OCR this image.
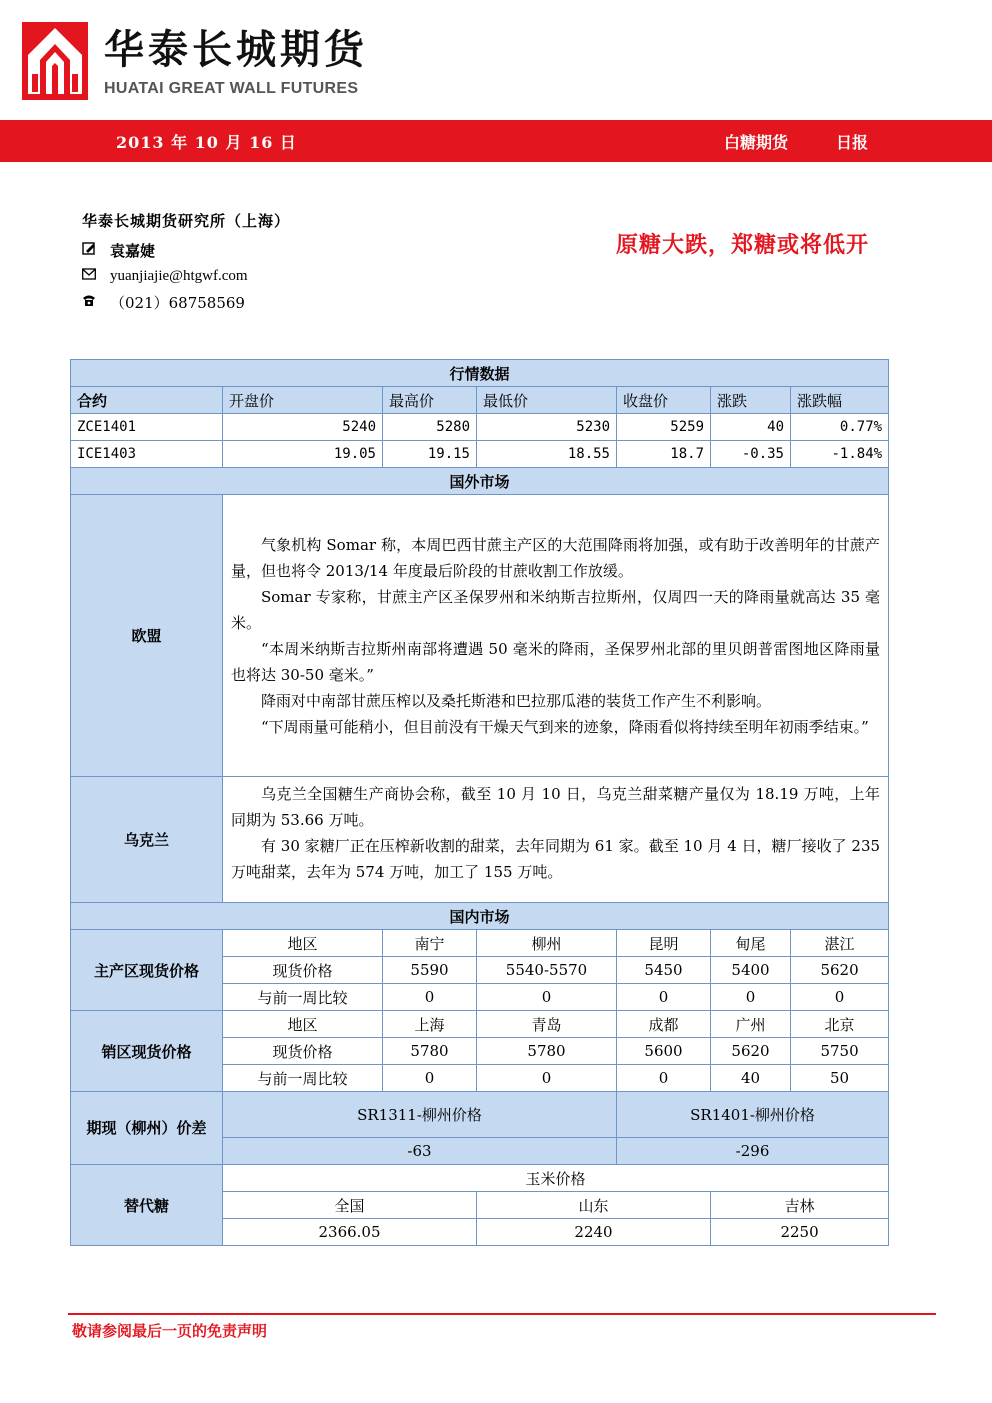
华泰长城期货
HUATAI GREAT WALL FUTURES
2013 年 10 月 16 日	白糖期货	日报
华泰长城期货研究所（上海）
袁嘉婕
yuanjiajie@htgwf.com
（021）68758569
原糖大跌，郑糖或将低开
行情数据						
合约	开盘价	最高价	最低价	收盘价	涨跌	涨跌幅
ZCE1401	5240	5280	5230	5259	40	0.77%
ICE1403	19.05	19.15	18.55	18.7	-0.35	-1.84%
国外市场						
欧盟	气象机构 Somar 称，本周巴西甘蔗主产区的大范围降雨将加强，或有助于改善明年的甘蔗产量，但也将令 2013/14 年度最后阶段的甘蔗收割工作放缓。

Somar 专家称，甘蔗主产区圣保罗州和米纳斯吉拉斯州，仅周四一天的降雨量就高达 35 毫米。

“本周米纳斯吉拉斯州南部将遭遇 50 毫米的降雨，圣保罗州北部的里贝朗普雷图地区降雨量也将达 30-50 毫米。”

降雨对中南部甘蔗压榨以及桑托斯港和巴拉那瓜港的装货工作产生不利影响。

“下周雨量可能稍小，但目前没有干燥天气到来的迹象，降雨看似将持续至明年初雨季结束。”					

乌克兰	乌克兰全国糖生产商协会称，截至 10 月 10 日，乌克兰甜菜糖产量仅为 18.19 万吨，上年同期为 53.66 万吨。

有 30 家糖厂正在压榨新收割的甜菜，去年同期为 61 家。截至 10 月 4 日，糖厂接收了 235 万吨甜菜，去年为 574 万吨，加工了 155 万吨。					

国内市场						
主产区现货价格	地区	南宁	柳州	昆明	甸尾	湛江
	现货价格	5590	5540-5570	5450	5400	5620
	与前一周比较	0	0	0	0	0
销区现货价格	地区	上海	青岛	成都	广州	北京
	现货价格	5780	5780	5600	5620	5750
	与前一周比较	0	0	0	40	50
期现（柳州）价差	SR1311-柳州价格			SR1401-柳州价格		
	-63			-296		
替代糖	玉米价格					
	全国		山东		吉林	
	2366.05		2240		2250	
敬请参阅最后一页的免责声明
